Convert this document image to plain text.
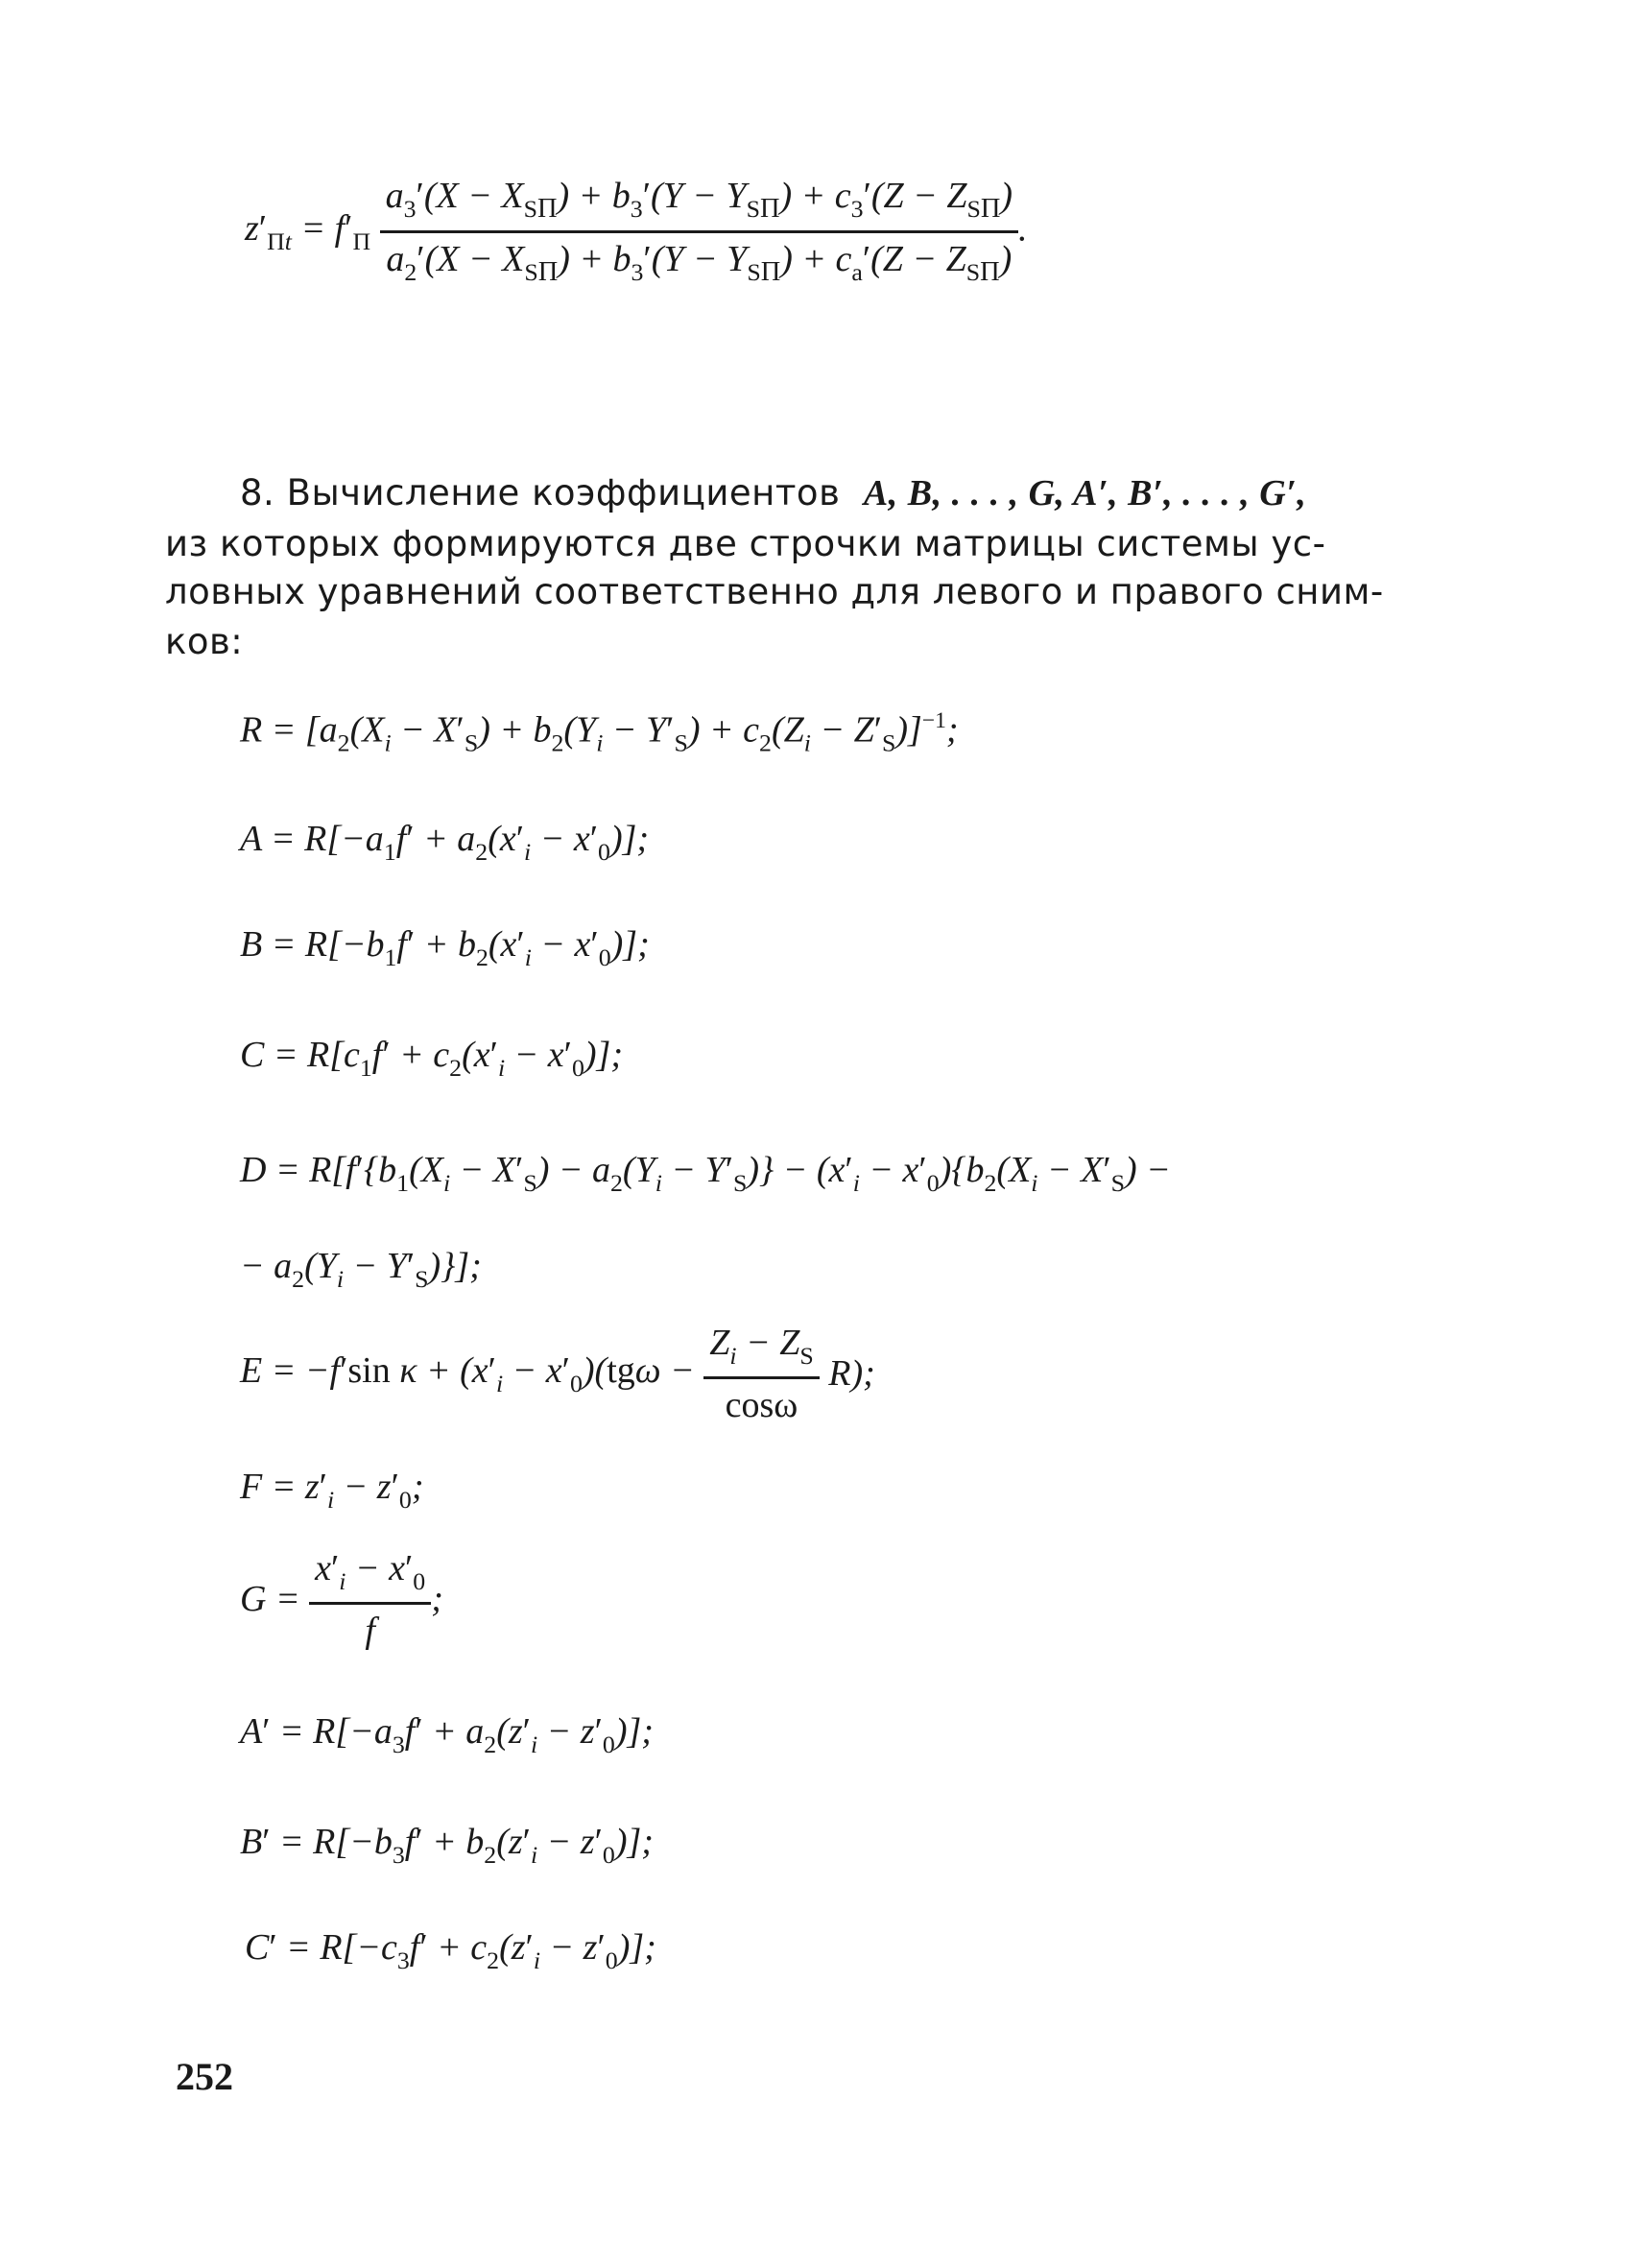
$z'_{Пt} = f'_П \frac{a_3'(X - X_{SП}) + b_3'(Y - Y_{SП}) + c_3'(Z - Z_{SП})}{a_2'(X - X_{SП}) + b_3'(Y - Y_{SП}) + c_a'(Z - Z_{SП})}$ .
8. Вычисление коэффициентов  A, B, . . . , G, A′, B′, . . . , G′,
из которых формируются две строчки матрицы системы ус-
ловных уравнений соответственно для левого и правого сним-
ков:
$R = [a_2(X_i - X'_S) + b_2(Y_i - Y'_S) + c_2(Z_i - Z'_S)]^{-1}$;
$A = R[-a_1f' + a_2(x'_i - x'_0)]$;
$B = R[-b_1f' + b_2(x'_i - x'_0)]$;
$C = R[c_1f' + c_2(x'_i - x'_0)]$;
$D = R[f'\{b_1(X_i - X'_S) - a_2(Y_i - Y'_S)\} - (x'_i - x'_0)\{b_2(X_i - X'_S)$ −
− $a_2(Y_i - Y'_S)$}];
E = −f′sin $\kappa + (x'_i - x'_0)(tg\omega - \frac{Z_i - Z_S}{\cos\omega} R)$;
$F = z'_i - z'_0$;
$G = \frac{x'_i - x'_0}{f}$ ;
$A' = R[-a_3f' + a_2(z'_i - z'_0)]$;
$B' = R[-b_3f' + b_2(z'_i - z'_0)]$;
$C' = R[-c_3f' + c_2(z'_i - z'_0)]$;
252
